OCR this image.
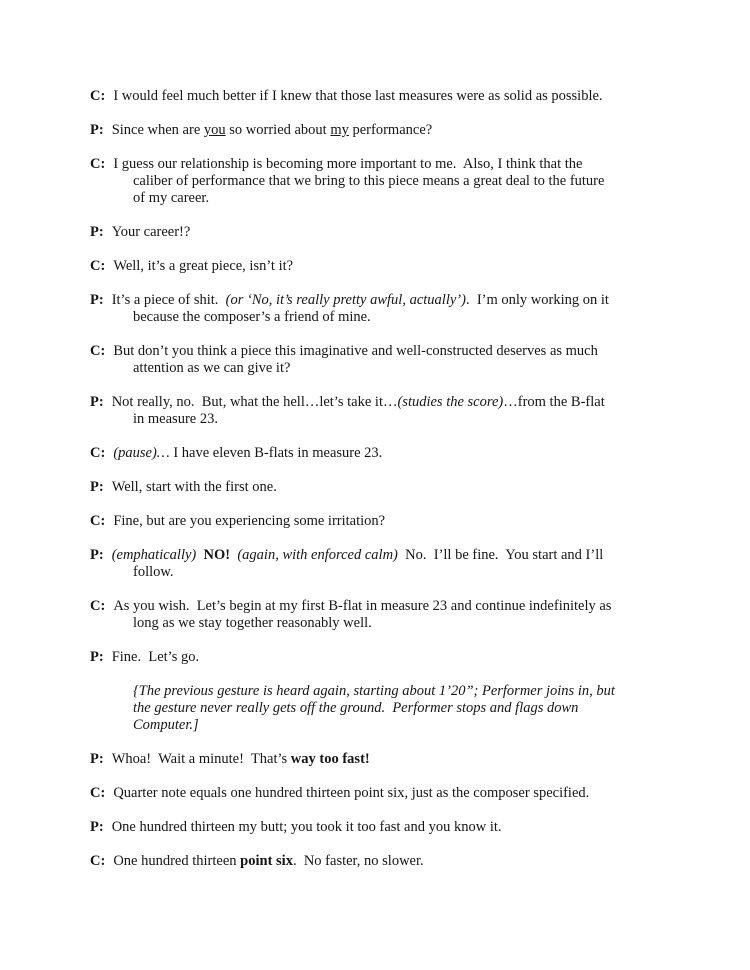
C: I would feel much better if I knew that those last measures were as solid as possible.
P: Since when are you so worried about my performance?
C: I guess our relationship is becoming more important to me.  Also, I think that the
caliber of performance that we bring to this piece means a great deal to the future
of my career.
P: Your career!?
C: Well, it’s a great piece, isn’t it?
P: It’s a piece of shit.  (or ‘No, it’s really pretty awful, actually’).  I’m only working on it
because the composer’s a friend of mine.
C: But don’t you think a piece this imaginative and well-constructed deserves as much
attention as we can give it?
P: Not really, no.  But, what the hell…let’s take it…(studies the score)…from the B-flat
in measure 23.
C: (pause)… I have eleven B-flats in measure 23.
P: Well, start with the first one.
C: Fine, but are you experiencing some irritation?
P: (emphatically) NO! (again, with enforced calm)  No.  I’ll be fine.  You start and I’ll
follow.
C: As you wish.  Let’s begin at my first B-flat in measure 23 and continue indefinitely as
long as we stay together reasonably well.
P: Fine.  Let’s go.
{The previous gesture is heard again, starting about 1’20”; Performer joins in, but
the gesture never really gets off the ground.  Performer stops and flags down
Computer.]
P: Whoa!  Wait a minute!  That’s way too fast!
C: Quarter note equals one hundred thirteen point six, just as the composer specified.
P: One hundred thirteen my butt; you took it too fast and you know it.
C: One hundred thirteen point six.  No faster, no slower.
